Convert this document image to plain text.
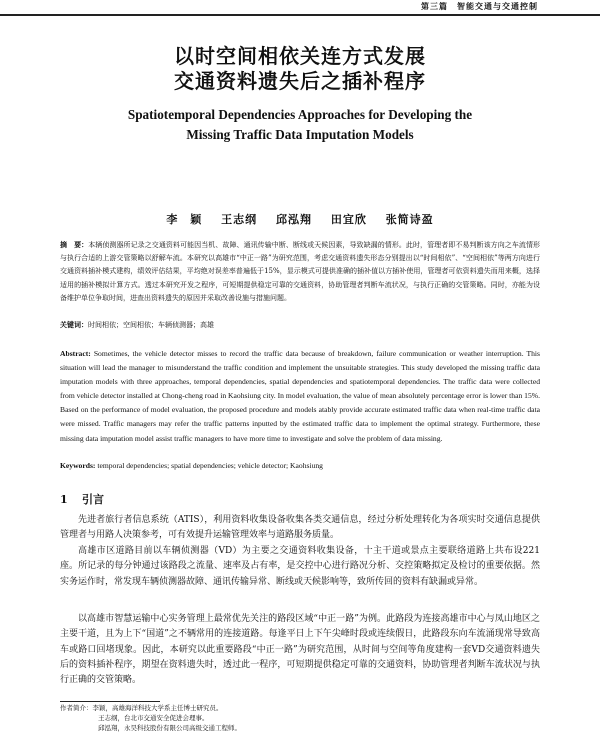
第三篇　智能交通与交通控制
以时空间相依关连方式发展
交通资料遗失后之插补程序
Spatiotemporal Dependencies Approaches for Developing the
Missing Traffic Data Imputation Models
李　颖 王志纲 邱泓翔 田宜欣 张简诗盈
摘　要：本辆侦测器所记录之交通资料可能因当机、故障、通讯传输中断、断线或天候因素，导致缺漏的情形。此时，管理者即不易判断该方向之车流情形与执行合适的上游交管策略以舒解车流。本研究以高雄市“中正一路”为研究范围，考虑交通资料遗失形态分别提出以“时间相依”、“空间相依”等两方向进行交通资料插补模式建构，绩效评估结果，平均绝对误差率普遍低于15%，显示模式可提供准确的插补值以方插补使用，管理者可依资料遗失而用来概，选择适用的插补模拟计算方式。透过本研究开发之程序，可短期提供稳定可靠的交通资料，协助管理者判断车流状况，与执行正确的交管策略。同时，亦能为设备维护单位争取时间，进查出资料遗失的原因并采取改善设施与措施问题。
关键词：时间相依；空间相依；车辆侦测器；高雄
Abstract: Sometimes, the vehicle detector misses to record the traffic data because of breakdown, failure communication or weather interruption. This situation will lead the manager to misunderstand the traffic condition and implement the unsuitable strategies. This study developed the missing traffic data imputation models with three approaches, temporal dependencies, spatial dependencies and spatiotemporal dependencies. The traffic data were collected from vehicle detector installed at Chong-cheng road in Kaohsiung city. In model evaluation, the value of mean absolutely percentage error is lower than 15%. Based on the performance of model evaluation, the proposed procedure and models atably provide accurate estimated traffic data when real-time traffic data were missed. Traffic managers may refer the traffic patterns inputted by the estimated traffic data to implement the optimal strategy. Furthermore, these missing data imputation model assist traffic managers to have more time to investigate and solve the problem of data missing.
Keywords: temporal dependencies; spatial dependencies; vehicle detector; Kaohsiung
1 引言
先进者旅行者信息系统（ATIS），利用资料收集设备收集各类交通信息，经过分析处理转化为各项实时交通信息提供管理者与用路人决策参考，可有效提升运输管理效率与道路服务质量。
高雄市区道路目前以车辆侦测器（VD）为主要之交通资料收集设备，十主干道或景点主要联络道路上共布设221座。所记录的每分钟通过该路段之流量、速率及占有率，是交控中心进行路况分析、交控策略拟定及检讨的重要依据。然实务运作时，常发现车辆侦测器故障、通讯传输异常、断线或天候影响等，致所传回的资料有缺漏或异常。
以高雄市智慧运输中心实务管理上最常优先关注的路段区域“中正一路”为例。此路段为连接高雄市中心与凤山地区之主要干道，且为上下“国道”之不辆常用的连接道路。每逢平日上下午尖峰时段或连续假日，此路段东向车流涌现常导致高车或路口回堵现象。因此，本研究以此重要路段“中正一路”为研究范围，从时间与空间等角度建构一套VD交通资料遗失后的资料插补程序，期望在资料遗失时，透过此一程序，可短期提供稳定可靠的交通资料，协助管理者判断车流状况与执行正确的交管策略。
作者简介：李颖，高雄海洋科技大学系主任博士研究员。
王志纲，台北市交通安全促进会理事。
邱泓翔，永昊科技股份有限公司高级交通工程师。
